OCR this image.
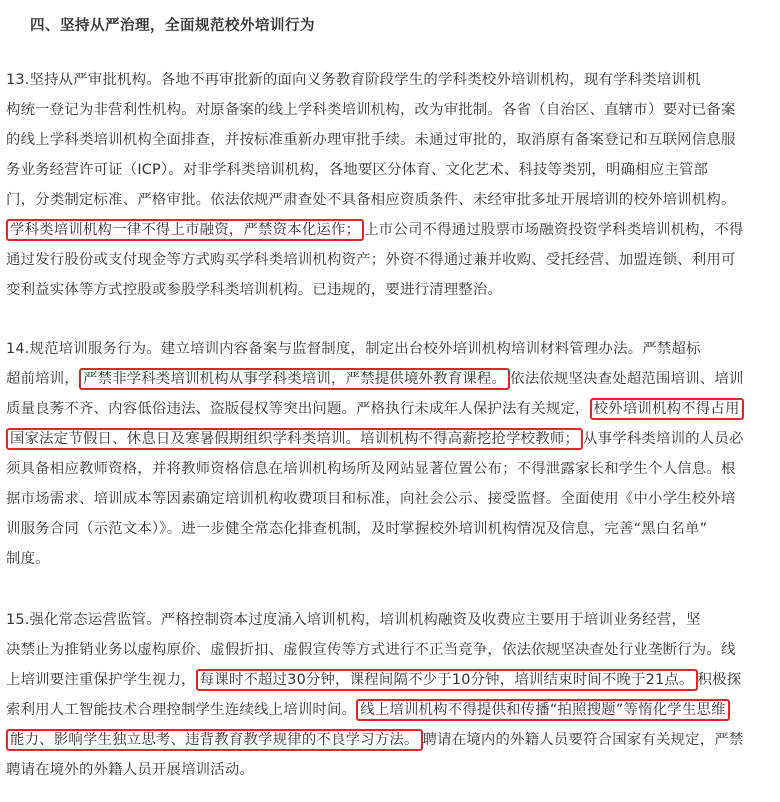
四、坚持从严治理，全面规范校外培训行为
13.坚持从严审批机构。各地不再审批新的面向义务教育阶段学生的学科类校外培训机构，现有学科类培训机
构统一登记为非营利性机构。对原备案的线上学科类培训机构，改为审批制。各省（自治区、直辖市）要对已备案
的线上学科类培训机构全面排查，并按标准重新办理审批手续。未通过审批的，取消原有备案登记和互联网信息服
务业务经营许可证（ICP）。对非学科类培训机构，各地要区分体育、文化艺术、科技等类别，明确相应主管部
门，分类制定标准、严格审批。依法依规严肃查处不具备相应资质条件、未经审批多址开展培训的校外培训机构。
学科类培训机构一律不得上市融资，严禁资本化运作； 上市公司不得通过股票市场融资投资学科类培训机构，不得
通过发行股份或支付现金等方式购买学科类培训机构资产；外资不得通过兼并收购、受托经营、加盟连锁、利用可
变利益实体等方式控股或参股学科类培训机构。已违规的，要进行清理整治。
14.规范培训服务行为。建立培训内容备案与监督制度，制定出台校外培训机构培训材料管理办法。严禁超标
超前培训， 严禁非学科类培训机构从事学科类培训，严禁提供境外教育课程。 依法依规坚决查处超范围培训、培训
质量良莠不齐、内容低俗违法、盗版侵权等突出问题。严格执行未成年人保护法有关规定， 校外培训机构不得占用
国家法定节假日、休息日及寒暑假期组织学科类培训。培训机构不得高薪挖抢学校教师； 从事学科类培训的人员必
须具备相应教师资格，并将教师资格信息在培训机构场所及网站显著位置公布；不得泄露家长和学生个人信息。根
据市场需求、培训成本等因素确定培训机构收费项目和标准，向社会公示、接受监督。全面使用《中小学生校外培
训服务合同（示范文本）》。进一步健全常态化排查机制，及时掌握校外培训机构情况及信息，完善“黑白名单”
制度。
15.强化常态运营监管。严格控制资本过度涌入培训机构，培训机构融资及收费应主要用于培训业务经营，坚
决禁止为推销业务以虚构原价、虚假折扣、虚假宣传等方式进行不正当竞争，依法依规坚决查处行业垄断行为。线
上培训要注重保护学生视力， 每课时不超过30分钟，课程间隔不少于10分钟，培训结束时间不晚于21点。 积极探
索利用人工智能技术合理控制学生连续线上培训时间。 线上培训机构不得提供和传播“拍照搜题”等惰化学生思维
能力、影响学生独立思考、违背教育教学规律的不良学习方法。 聘请在境内的外籍人员要符合国家有关规定，严禁
聘请在境外的外籍人员开展培训活动。
